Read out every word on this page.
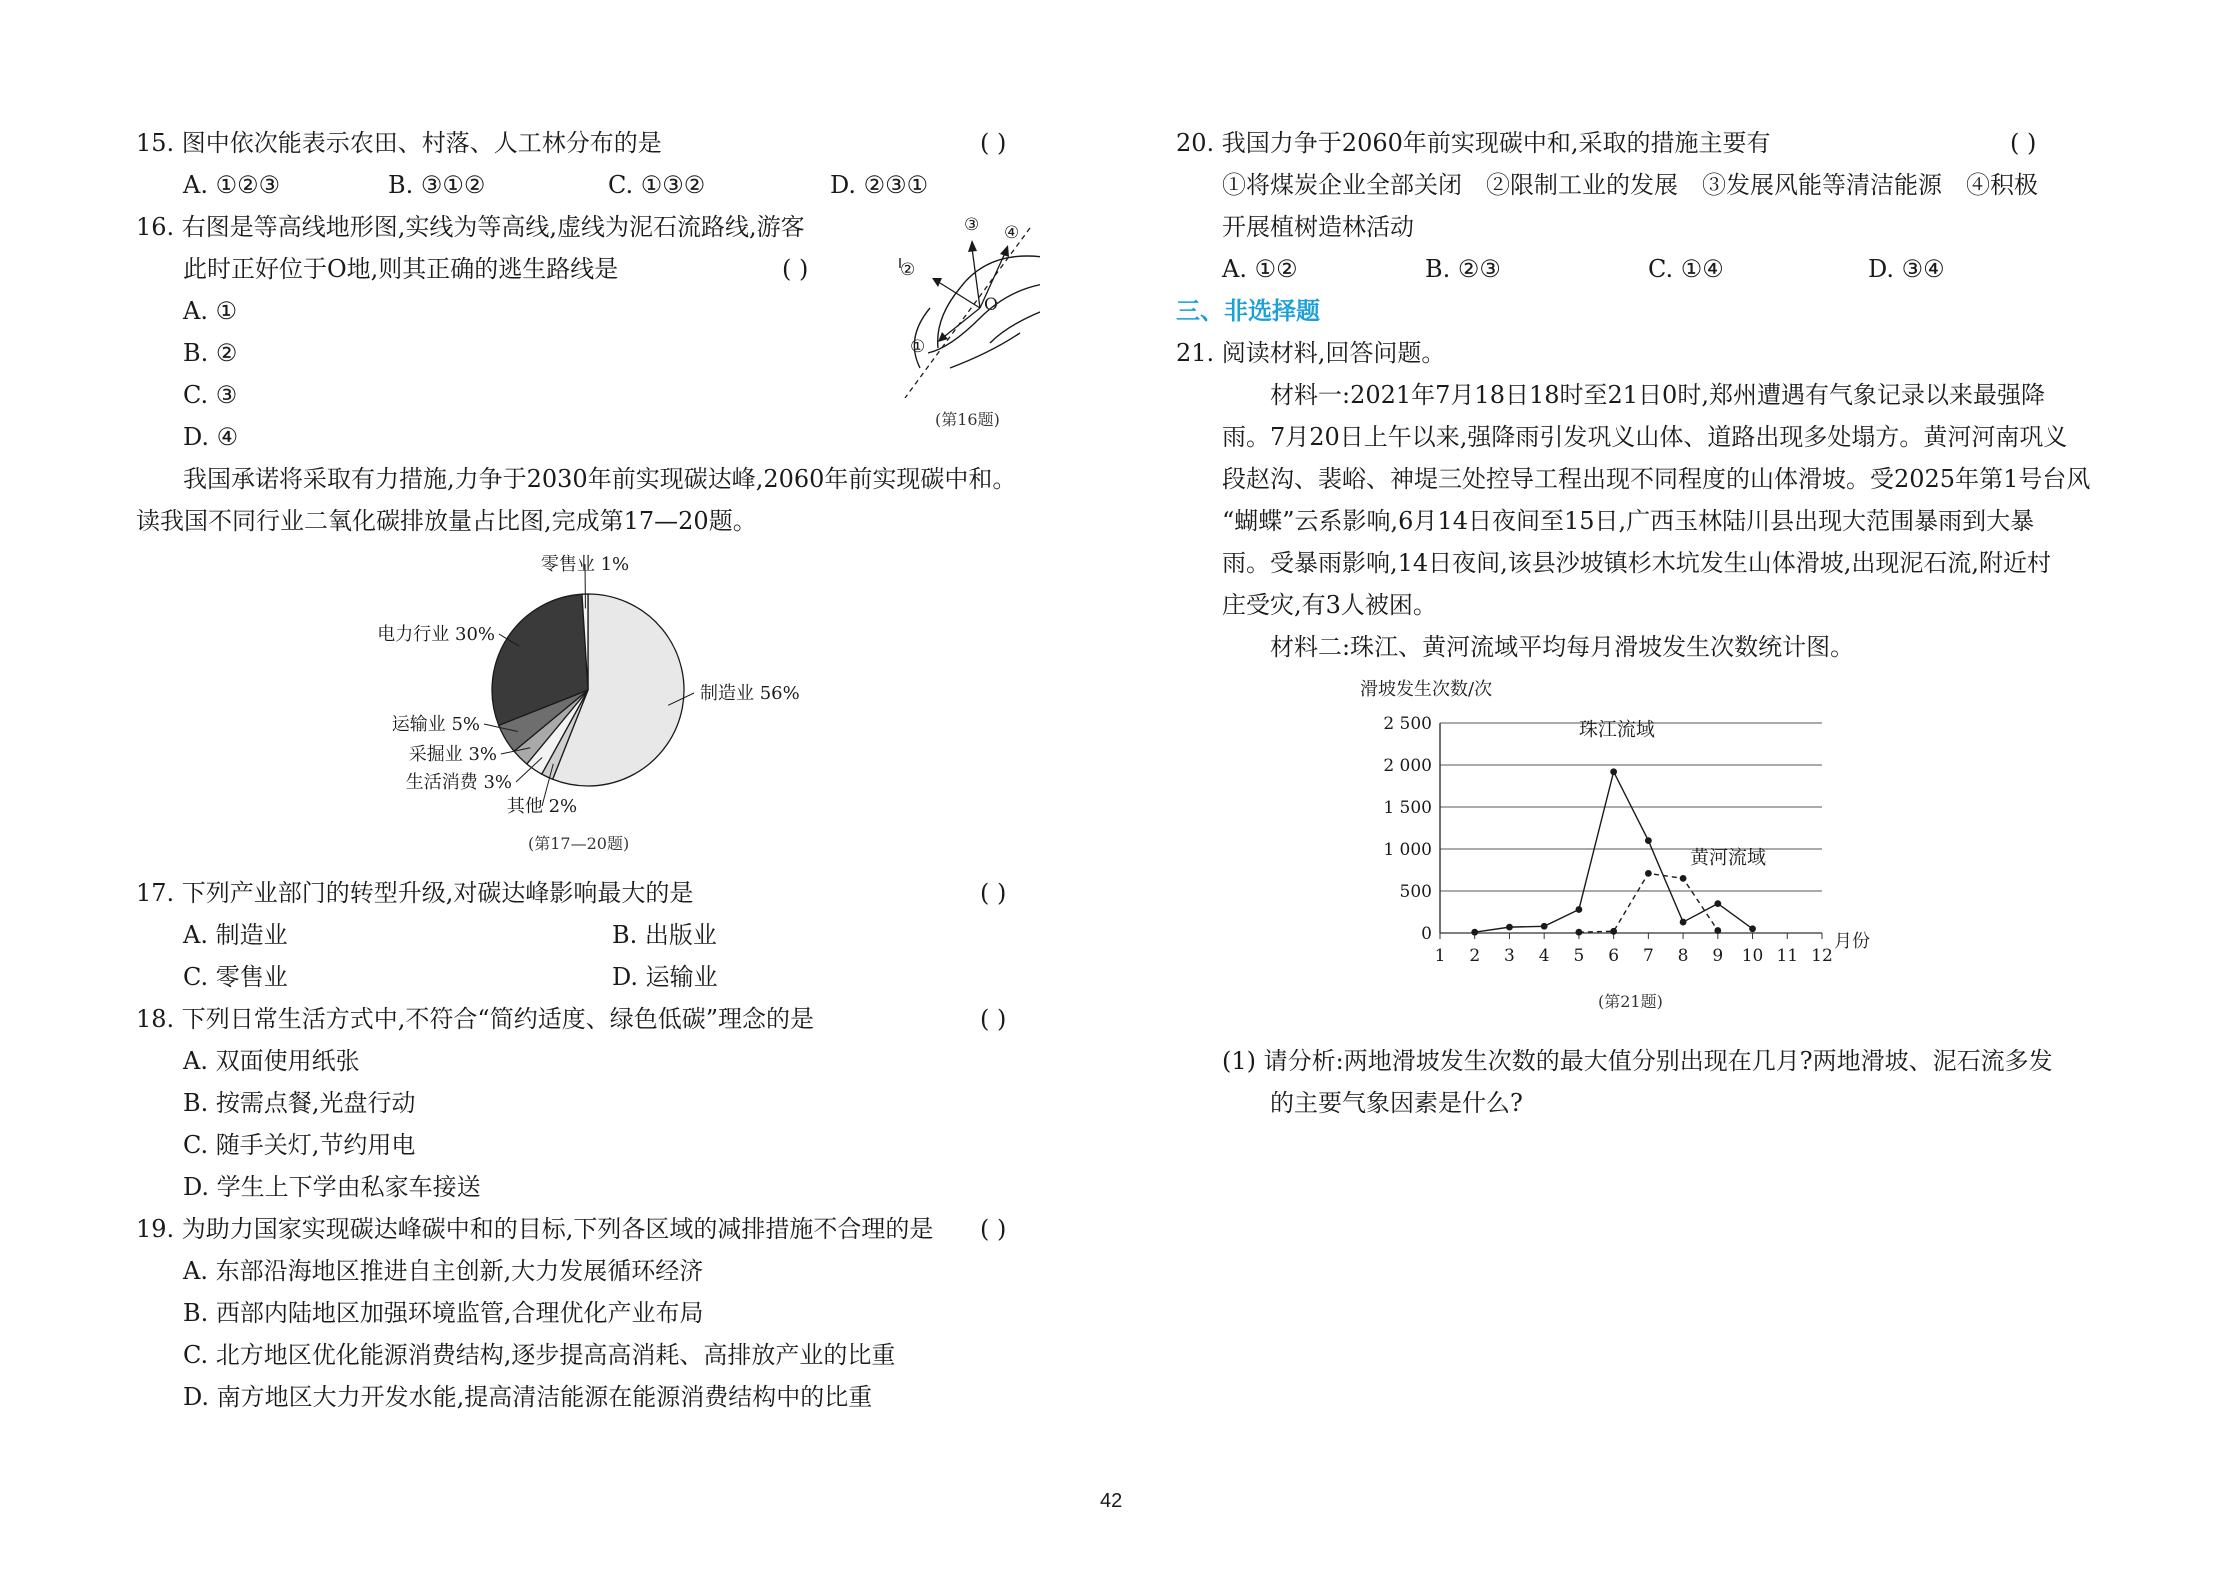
15. 图中依次能表示农田、村落、人工林分布的是	( )
A. ①②③	B. ③①②	C. ①③②	D. ②③①
16. 右图是等高线地形图,实线为等高线,虚线为泥石流路线,游客
此时正好位于O地,则其正确的逃生路线是	( )
A. ①
B. ②
C. ③
D. ④
③ ④
②
O
①
(第16题)
我国承诺将采取有力措施,力争于2030年前实现碳达峰,2060年前实现碳中和。
读我国不同行业二氧化碳排放量占比图,完成第17—20题。
制造业 56%
其他 2%
生活消费 3%
采掘业 3%
运输业 5%
电力行业 30%
零售业 1%
(第17—20题)
17. 下列产业部门的转型升级,对碳达峰影响最大的是	( )
A. 制造业	B. 出版业
C. 零售业	D. 运输业
18. 下列日常生活方式中,不符合“简约适度、绿色低碳”理念的是	( )
A. 双面使用纸张
B. 按需点餐,光盘行动
C. 随手关灯,节约用电
D. 学生上下学由私家车接送
19. 为助力国家实现碳达峰碳中和的目标,下列各区域的减排措施不合理的是 ( )
A. 东部沿海地区推进自主创新,大力发展循环经济
B. 西部内陆地区加强环境监管,合理优化产业布局
C. 北方地区优化能源消费结构,逐步提高高消耗、高排放产业的比重
D. 南方地区大力开发水能,提高清洁能源在能源消费结构中的比重
20. 我国力争于2060年前实现碳中和,采取的措施主要有	( )
①将煤炭企业全部关闭　②限制工业的发展　③发展风能等清洁能源　④积极
开展植树造林活动
A. ①②	B. ②③	C. ①④	D. ③④
三、非选择题
21. 阅读材料,回答问题。
材料一:2021年7月18日18时至21日0时,郑州遭遇有气象记录以来最强降
雨。7月20日上午以来,强降雨引发巩义山体、道路出现多处塌方。黄河河南巩义
段赵沟、裴峪、神堤三处控导工程出现不同程度的山体滑坡。受2025年第1号台风
“蝴蝶”云系影响,6月14日夜间至15日,广西玉林陆川县出现大范围暴雨到大暴
雨。受暴雨影响,14日夜间,该县沙坡镇杉木坑发生山体滑坡,出现泥石流,附近村
庄受灾,有3人被困。
材料二:珠江、黄河流域平均每月滑坡发生次数统计图。
滑坡发生次数/次
0
500
1 000
1 500
2 000
2 500
1 2 3 4 5 6 7 8 9 10 11 12
月份
珠江流域
黄河流域
(第21题)
(1) 请分析:两地滑坡发生次数的最大值分别出现在几月?两地滑坡、泥石流多发
的主要气象因素是什么?
42
